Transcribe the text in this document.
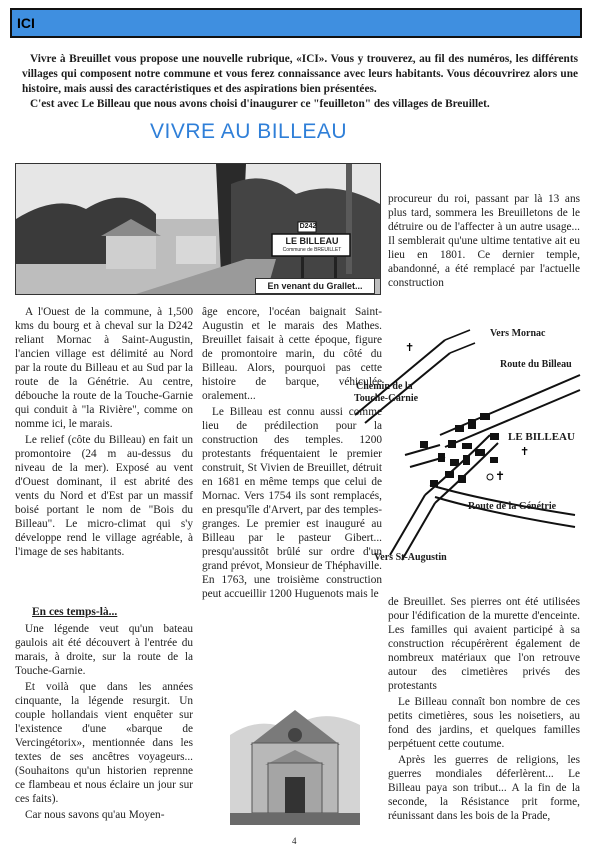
ICI

Vivre à Breuillet vous propose une nouvelle rubrique, «ICI». Vous y trouverez, au fil des numéros, les différents villages qui composent notre commune et vous ferez connaissance avec leurs habitants. Vous découvrirez alors une histoire, mais aussi des caractéristiques et des aspirations bien présentées.

C'est avec Le Billeau que nous avons choisi d'inaugurer ce "feuilleton" des villages de Breuillet.

VIVRE AU BILLEAU
D242
LE BILLEAU
Commune de BREUILLET
En venant du Grallet...

A l'Ouest de la commune, à 1,500 kms du bourg et à cheval sur la D242 reliant Mornac à Saint-Augustin, l'ancien village est délimité au Nord par la route du Billeau et au Sud par la route de la Génétrie. Au centre, débouche la route de la Touche-Garnie qui conduit à "la Rivière", comme on nomme ici, le marais.

Le relief (côte du Billeau) en fait un promontoire (24 m au-dessus du niveau de la mer). Exposé au vent d'Ouest dominant, il est abrité des vents du Nord et d'Est par un massif boisé portant le nom de "Bois du Billeau". Le micro-climat qui s'y développe rend le village agréable, à l'image de ses habitants.

En ces temps-là...

Une légende veut qu'un bateau gaulois ait été découvert à l'entrée du marais, à droite, sur la route de la Touche-Garnie.

Et voilà que dans les années cinquante, la légende resurgit. Un couple hollandais vient enquêter sur l'existence d'une «barque de Vercingétorix», mentionnée dans les textes de ses ancêtres voyageurs... (Souhaitons qu'un historien reprenne ce flambeau et nous éclaire un jour sur ces faits).

Car nous savons qu'au Moyen-

âge encore, l'océan baignait Saint-Augustin et le marais des Mathes. Breuillet faisait à cette époque, figure de promontoire marin, du côté du Billeau. Alors, pourquoi pas cette histoire de barque, véhiculée oralement...

Le Billeau est connu aussi comme lieu de prédilection pour la construction des temples. 1200 protestants fréquentaient le premier construit, St Vivien de Breuillet, détruit en 1681 en même temps que celui de Mornac. Vers 1754 ils sont remplacés, en presqu'île d'Arvert, par des temples-granges. Le premier est inauguré au Billeau par le pasteur Gibert... presqu'aussitôt brûlé sur ordre d'un grand prévot, Monsieur de Théphaville. En 1763, une troisième construction peut accueillir 1200 Huguenots mais le

procureur du roi, passant par là 13 ans plus tard, sommera les Breuilletons de le détruire ou de l'affecter à un autre usage... Il semblerait qu'une ultime tentative ait eu lieu en 1801. Ce dernier temple, abandonné, a été remplacé par l'actuelle construction

✝
✝
✝
Vers Mornac
Route du Billeau
Chemin de la
Touche-Garnie
LE BILLEAU
Route de la Génétrie
Vers St-Augustin

de Breuillet. Ses pierres ont été utilisées pour l'édification de la murette d'enceinte. Les familles qui avaient participé à sa construction récupérèrent également de nombreux matériaux que l'on retrouve autour des cimetières privés des protestants

Le Billeau connaît bon nombre de ces petits cimetières, sous les noisetiers, au fond des jardins, et quelques familles perpétuent cette coutume.

Après les guerres de religions, les guerres mondiales déferlèrent... Le Billeau paya son tribut... A la fin de la seconde, la Résistance prit forme, réunissant dans les bois de la Prade,

4
